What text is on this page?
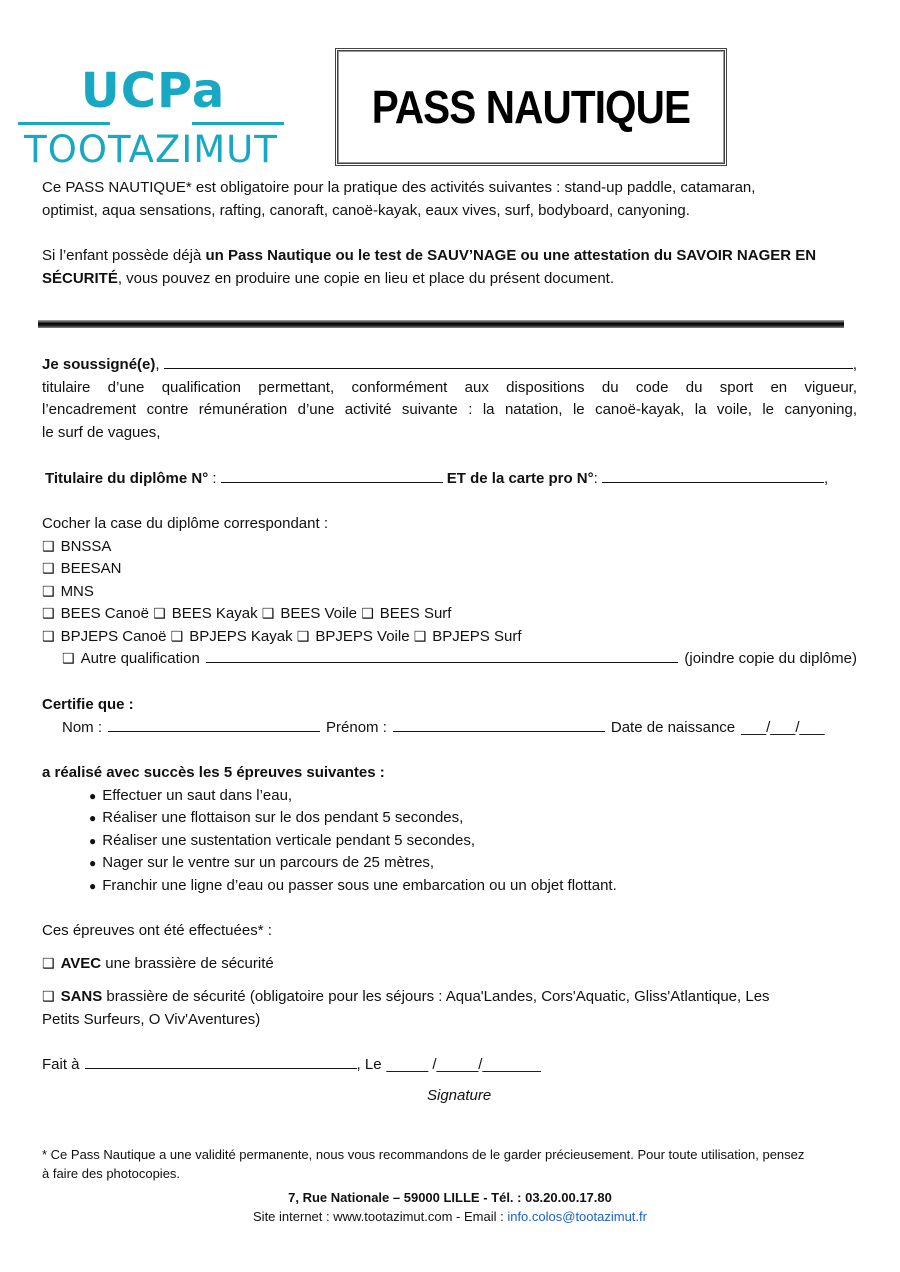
UCPa
TOOTAZIMUT
PASS NAUTIQUE
Ce PASS NAUTIQUE* est obligatoire pour la pratique des activités suivantes : stand-up paddle, catamaran,
optimist, aqua sensations, rafting, canoraft, canoë-kayak, eaux vives, surf, bodyboard, canyoning.
Si l’enfant possède déjà un Pass Nautique ou le test de SAUV’NAGE ou une attestation du SAVOIR NAGER EN
SÉCURITÉ, vous pouvez en produire une copie en lieu et place du présent document.
Je soussigné(e) ,	,
titulaire d’une qualification permettant, conformément aux dispositions du code du sport en vigueur,
l’encadrement contre rémunération d’une activité suivante : la natation, le canoë-kayak, la voile, le canyoning,
le surf de vagues,
Titulaire du diplôme N° :	ET de la carte pro N° :	,
Cocher la case du diplôme correspondant :
❑ BNSSA
❑ BEESAN
❑ MNS
❑ BEES Canoë ❑ BEES Kayak ❑ BEES Voile ❑ BEES Surf
❑ BPJEPS Canoë ❑ BPJEPS Kayak ❑ BPJEPS Voile ❑ BPJEPS Surf
❑ Autre qualification	(joindre copie du diplôme)
Certifie que :
Nom :	Prénom :	Date de naissance ___/___/___
a réalisé avec succès les 5 épreuves suivantes :
● Effectuer un saut dans l’eau,
● Réaliser une flottaison sur le dos pendant 5 secondes,
● Réaliser une sustentation verticale pendant 5 secondes,
● Nager sur le ventre sur un parcours de 25 mètres,
● Franchir une ligne d’eau ou passer sous une embarcation ou un objet flottant.
Ces épreuves ont été effectuées* :
❑ AVEC une brassière de sécurité
❑ SANS brassière de sécurité (obligatoire pour les séjours : Aqua'Landes, Cors'Aquatic, Gliss'Atlantique, Les
Petits Surfeurs, O Viv'Aventures)
Fait à	, Le _____ /_____/_______
Signature
* Ce Pass Nautique a une validité permanente, nous vous recommandons de le garder précieusement. Pour toute utilisation, pensez
à faire des photocopies.
7, Rue Nationale – 59000 LILLE - Tél. : 03.20.00.17.80
Site internet : www.tootazimut.com - Email : info.colos@tootazimut.fr
